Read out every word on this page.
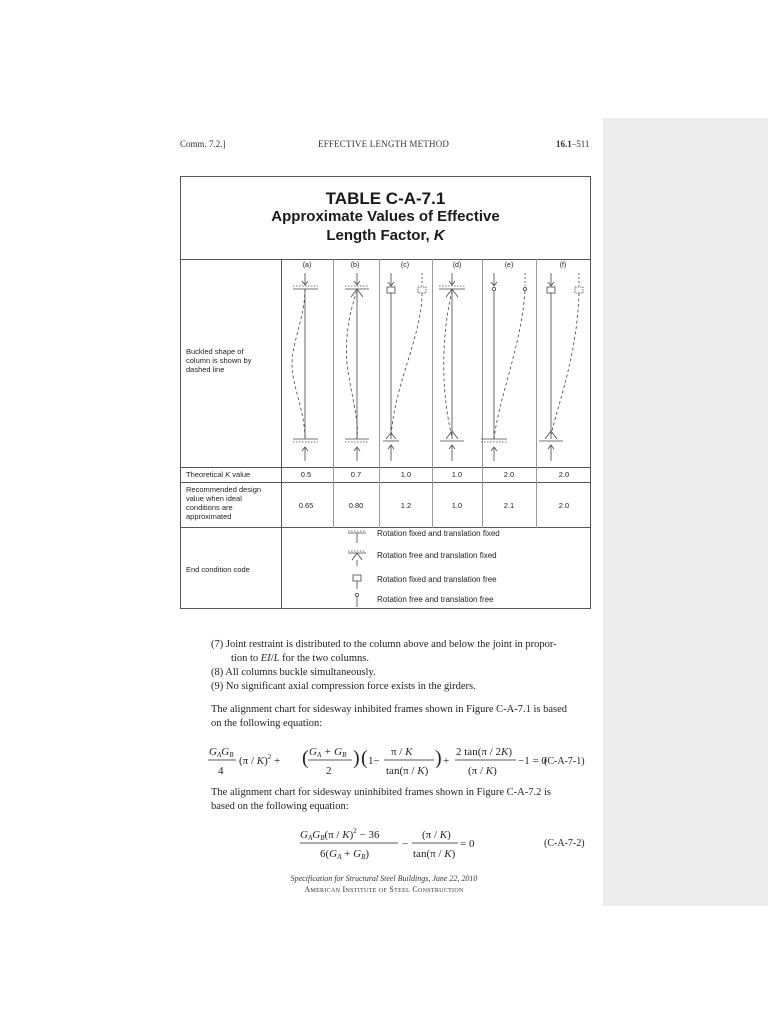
Comm. 7.2.]	EFFECTIVE LENGTH METHOD	16.1–511
TABLE C-A-7.1
Approximate Values of Effective
Length Factor, K
(a)	(b)	(c)	(d)	(e)	(f)
Buckled shape of
column is shown by
dashed line
Theoretical K value	0.5	0.7	1.0	1.0	2.0	2.0
Recommended design
value when ideal
conditions are
approximated
0.65	0.80	1.2	1.0	2.1	2.0
End condition code
Rotation fixed and translation fixed
Rotation free and translation fixed
Rotation fixed and translation free
Rotation free and translation free
(7) Joint restraint is distributed to the column above and below the joint in propor-
tion to EI/L for the two columns.
(8) All columns buckle simultaneously.
(9) No significant axial compression force exists in the girders.
The alignment chart for sidesway inhibited frames shown in Figure C-A-7.1 is based
on the following equation:
GAGB
4
(π / K)$^2$ + ( GA + GB
2
) ( 1−
π / K
tan(π / K)
) +
2 tan(π / 2K)
(π / K)
−1 = 0
(C-A-7-1)
The alignment chart for sidesway uninhibited frames shown in Figure C-A-7.2 is
based on the following equation:
GAGB(π / K)$^2$ − 36
6(GA + GB)
−
(π / K)
tan(π / K)
= 0	(C-A-7-2)
Specification for Structural Steel Buildings, June 22, 2010
American Institute of Steel Construction
